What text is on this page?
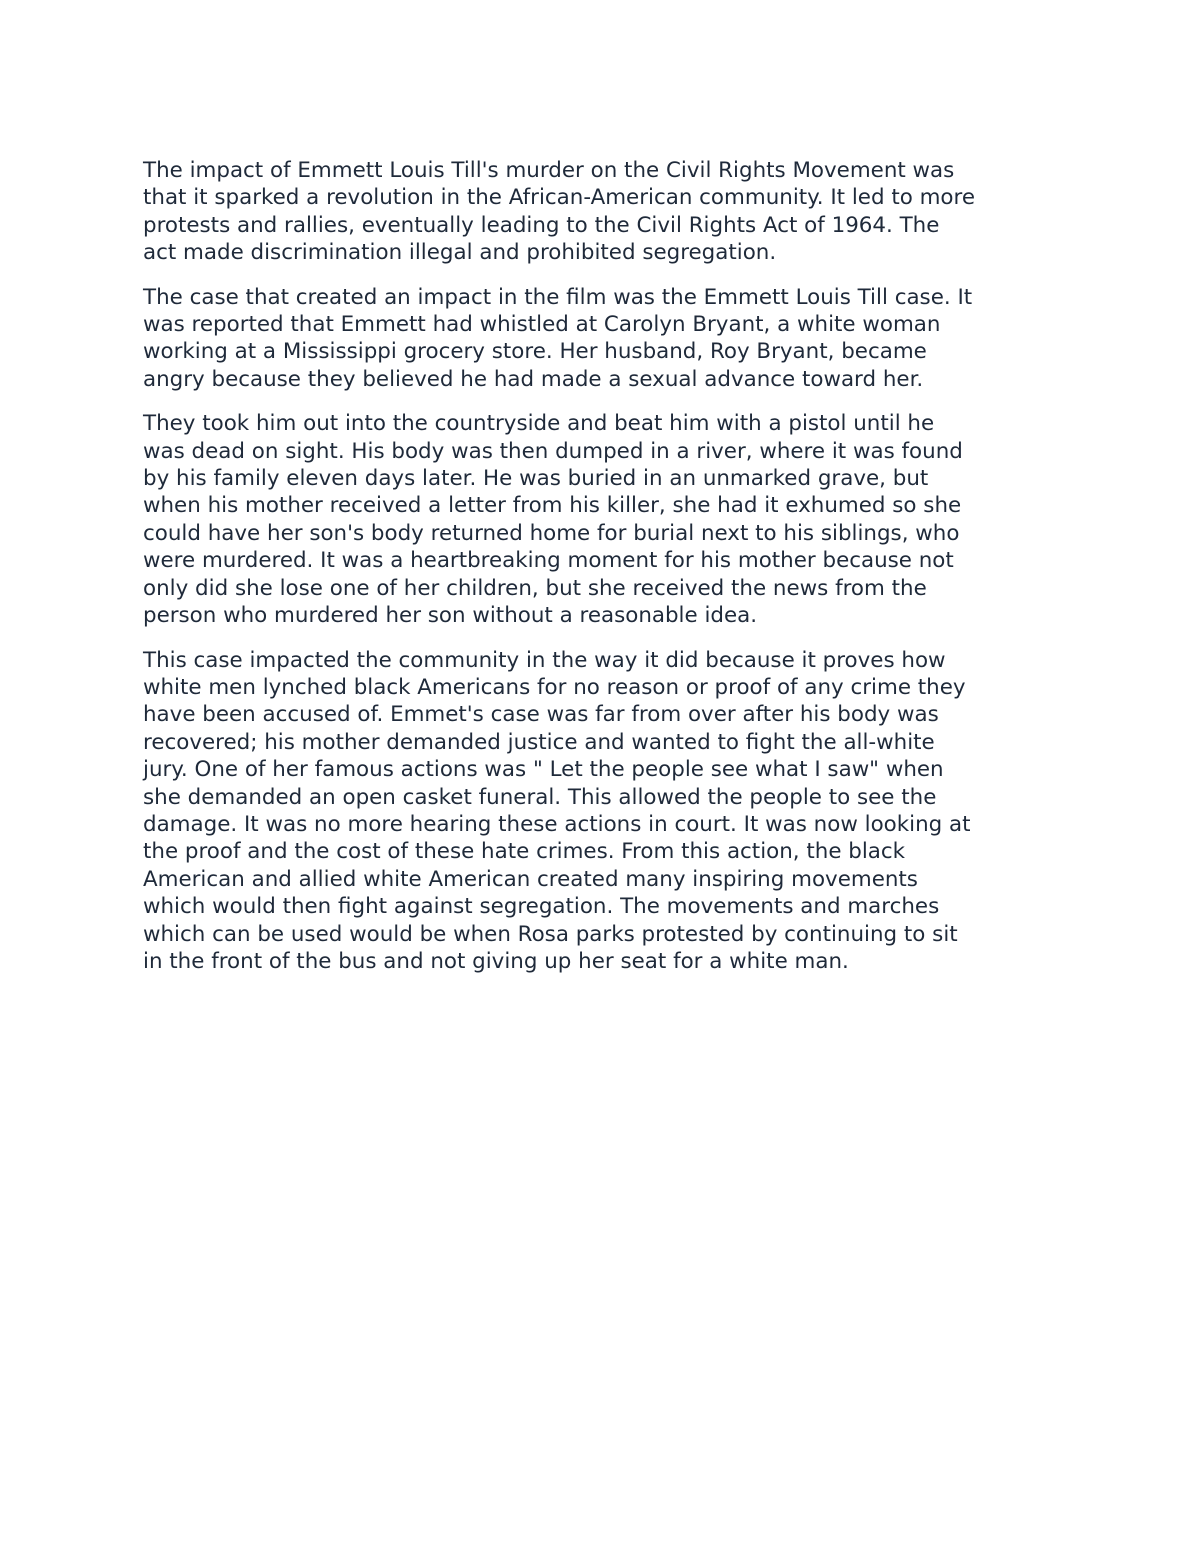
The impact of Emmett Louis Till's murder on the Civil Rights Movement was
that it sparked a revolution in the African-American community. It led to more
protests and rallies, eventually leading to the Civil Rights Act of 1964. The
act made discrimination illegal and prohibited segregation.

The case that created an impact in the film was the Emmett Louis Till case. It
was reported that Emmett had whistled at Carolyn Bryant, a white woman
working at a Mississippi grocery store. Her husband, Roy Bryant, became
angry because they believed he had made a sexual advance toward her.

They took him out into the countryside and beat him with a pistol until he
was dead on sight. His body was then dumped in a river, where it was found
by his family eleven days later. He was buried in an unmarked grave, but
when his mother received a letter from his killer, she had it exhumed so she
could have her son's body returned home for burial next to his siblings, who
were murdered. It was a heartbreaking moment for his mother because not
only did she lose one of her children, but she received the news from the
person who murdered her son without a reasonable idea.

This case impacted the community in the way it did because it proves how
white men lynched black Americans for no reason or proof of any crime they
have been accused of. Emmet's case was far from over after his body was
recovered; his mother demanded justice and wanted to fight the all-white
jury. One of her famous actions was " Let the people see what I saw" when
she demanded an open casket funeral. This allowed the people to see the
damage. It was no more hearing these actions in court. It was now looking at
the proof and the cost of these hate crimes. From this action, the black
American and allied white American created many inspiring movements
which would then fight against segregation. The movements and marches
which can be used would be when Rosa parks protested by continuing to sit
in the front of the bus and not giving up her seat for a white man.
